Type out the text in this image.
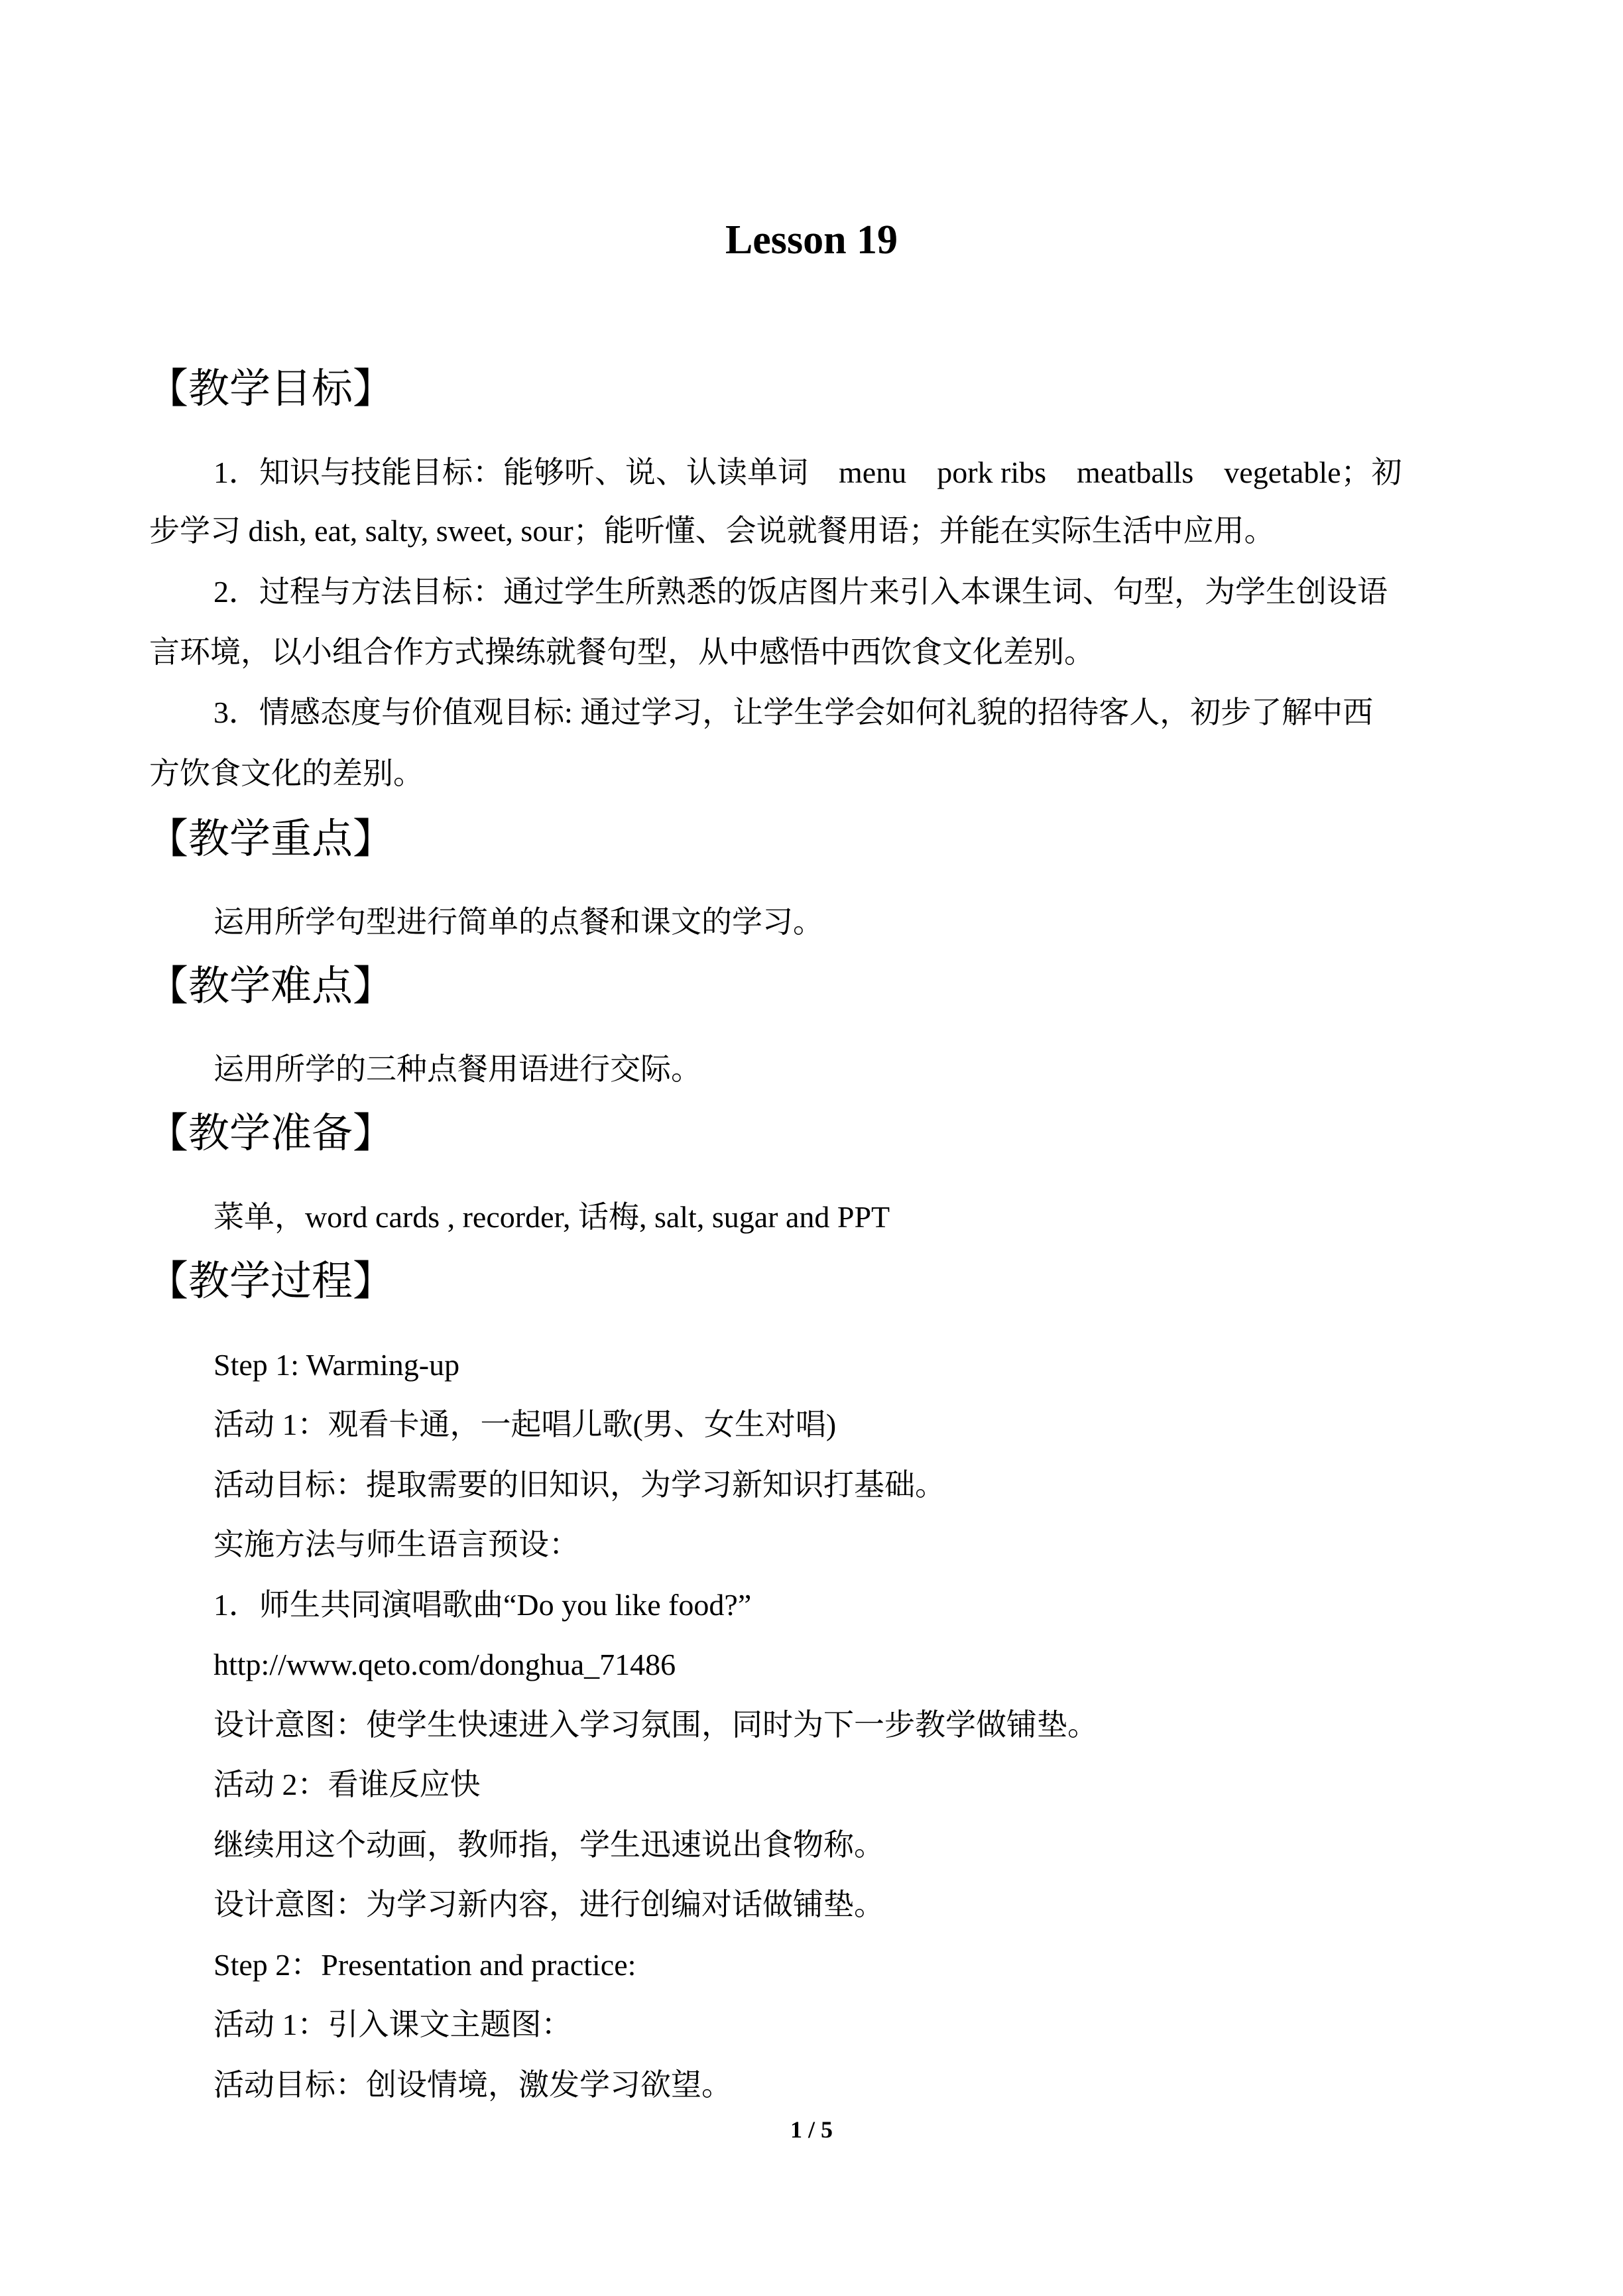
Lesson 19
【教学目标】
1．知识与技能目标：能够听、说、认读单词　menu　pork ribs　meatballs　vegetable；初
步学习 dish, eat, salty, sweet, sour；能听懂、会说就餐用语；并能在实际生活中应用。
2．过程与方法目标：通过学生所熟悉的饭店图片来引入本课生词、句型，为学生创设语
言环境，以小组合作方式操练就餐句型，从中感悟中西饮食文化差别。
3．情感态度与价值观目标: 通过学习，让学生学会如何礼貌的招待客人，初步了解中西
方饮食文化的差别。
【教学重点】
运用所学句型进行简单的点餐和课文的学习。
【教学难点】
运用所学的三种点餐用语进行交际。
【教学准备】
菜单，word cards , recorder, 话梅, salt, sugar and PPT
【教学过程】
Step 1: Warming-up
活动 1：观看卡通，一起唱儿歌(男、女生对唱)
活动目标：提取需要的旧知识，为学习新知识打基础。
实施方法与师生语言预设：
1．师生共同演唱歌曲“Do you like food?”
http://www.qeto.com/donghua_71486
设计意图：使学生快速进入学习氛围，同时为下一步教学做铺垫。
活动 2：看谁反应快
继续用这个动画，教师指，学生迅速说出食物称。
设计意图：为学习新内容，进行创编对话做铺垫。
Step 2：Presentation and practice:
活动 1：引入课文主题图：
活动目标：创设情境，激发学习欲望。
1 / 5
